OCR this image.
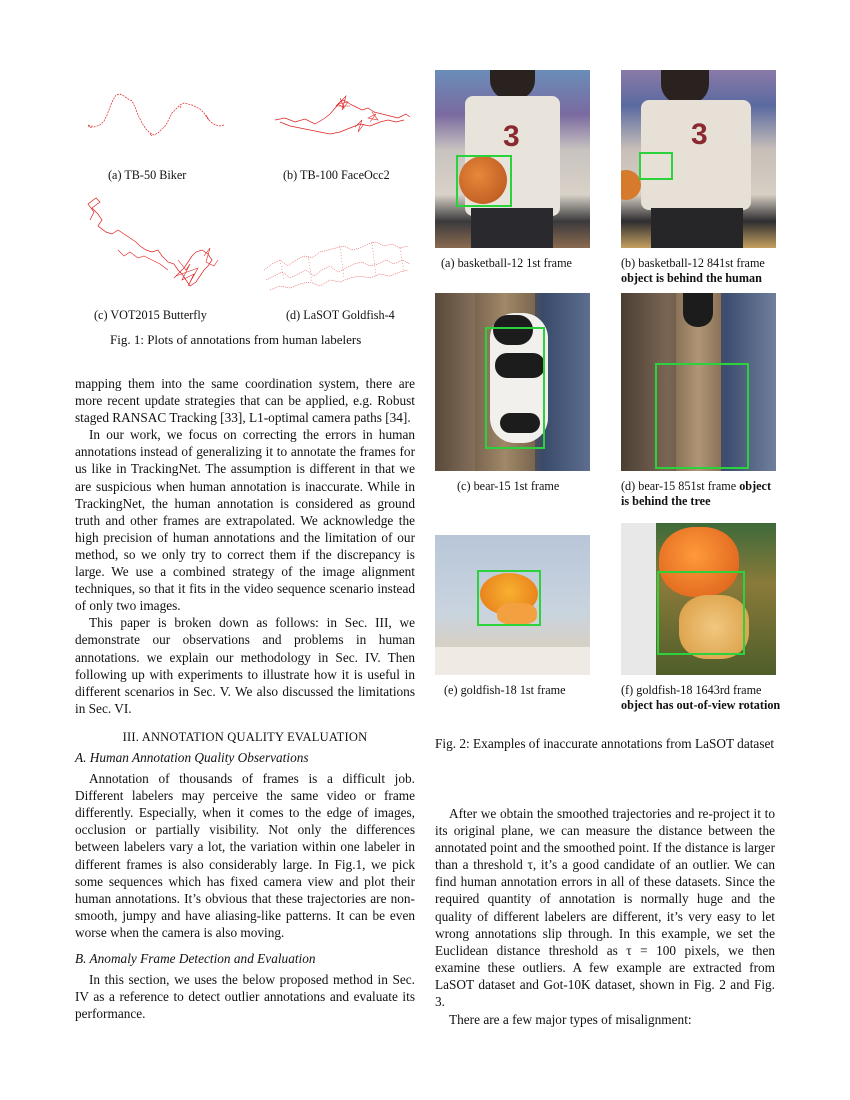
(a) TB-50 Biker	(b) TB-100 FaceOcc2
(c) VOT2015 Butterfly	(d) LaSOT Goldfish-4
Fig. 1: Plots of annotations from human labelers

mapping them into the same coordination system, there are more recent update strategies that can be applied, e.g. Robust staged RANSAC Tracking [33], L1-optimal camera paths [34].

In our work, we focus on correcting the errors in human annotations instead of generalizing it to annotate the frames for us like in TrackingNet. The assumption is different in that we are suspicious when human annotation is inaccurate. While in TrackingNet, the human annotation is considered as ground truth and other frames are extrapolated. We acknowledge the high precision of human annotations and the limitation of our method, so we only try to correct them if the discrepancy is large. We use a combined strategy of the image alignment techniques, so that it fits in the video sequence scenario instead of only two images.

This paper is broken down as follows: in Sec. III, we demonstrate our observations and problems in human annotations. we explain our methodology in Sec. IV. Then following up with experiments to illustrate how it is useful in different scenarios in Sec. V. We also discussed the limitations in Sec. VI.

III. ANNOTATION QUALITY EVALUATION
A. Human Annotation Quality Observations

Annotation of thousands of frames is a difficult job. Different labelers may perceive the same video or frame differently. Especially, when it comes to the edge of images, occlusion or partially visibility. Not only the differences between labelers vary a lot, the variation within one labeler in different frames is also considerably large. In Fig.1, we pick some sequences which has fixed camera view and plot their human annotations. It’s obvious that these trajectories are non-smooth, jumpy and have aliasing-like patterns. It can be even worse when the camera is also moving.

B. Anomaly Frame Detection and Evaluation

In this section, we uses the below proposed method in Sec. IV as a reference to detect outlier annotations and evaluate its performance.

3
(a) basketball-12 1st frame
3
(b) basketball-12 841st frame
object is behind the human
(c) bear-15 1st frame	(d) bear-15 851st frame object is behind the tree
(e) goldfish-18 1st frame	(f) goldfish-18 1643rd frame
object has out-of-view rotation
Fig. 2: Examples of inaccurate annotations from LaSOT dataset

After we obtain the smoothed trajectories and re-project it to its original plane, we can measure the distance between the annotated point and the smoothed point. If the distance is larger than a threshold τ, it’s a good candidate of an outlier. We can find human annotation errors in all of these datasets. Since the required quantity of annotation is normally huge and the quality of different labelers are different, it’s very easy to let wrong annotations slip through. In this example, we set the Euclidean distance threshold as τ = 100 pixels, we then examine these outliers. A few example are extracted from LaSOT dataset and Got-10K dataset, shown in Fig. 2 and Fig. 3.

There are a few major types of misalignment:
